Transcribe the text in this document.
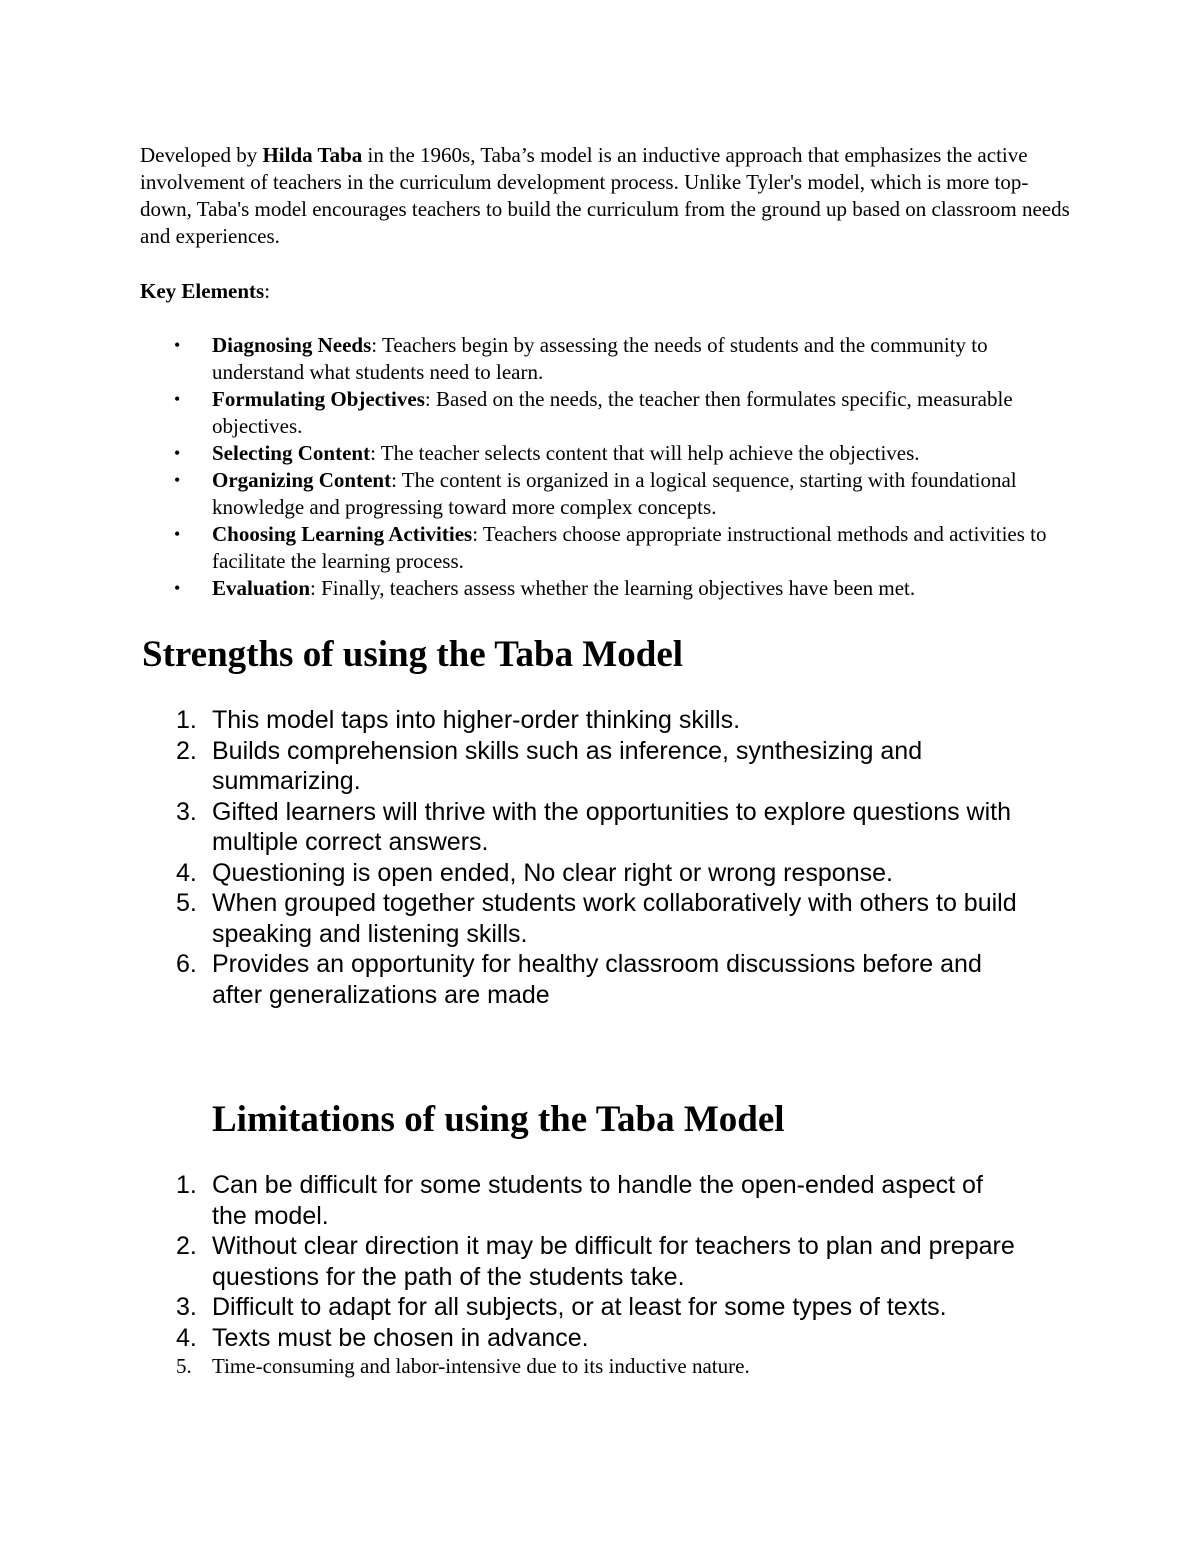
Developed by Hilda Taba in the 1960s, Taba’s model is an inductive approach that emphasizes the active involvement of teachers in the curriculum development process. Unlike Tyler's model, which is more top-down, Taba's model encourages teachers to build the curriculum from the ground up based on classroom needs and experiences.

Key Elements:

• Diagnosing Needs: Teachers begin by assessing the needs of students and the community to understand what students need to learn.
• Formulating Objectives: Based on the needs, the teacher then formulates specific, measurable objectives.
• Selecting Content: The teacher selects content that will help achieve the objectives.
• Organizing Content: The content is organized in a logical sequence, starting with foundational knowledge and progressing toward more complex concepts.
• Choosing Learning Activities: Teachers choose appropriate instructional methods and activities to facilitate the learning process.
• Evaluation: Finally, teachers assess whether the learning objectives have been met.
Strengths of using the Taba Model
1. This model taps into higher-order thinking skills.
2. Builds comprehension skills such as inference, synthesizing and summarizing.
3. Gifted learners will thrive with the opportunities to explore questions with multiple correct answers.
4. Questioning is open ended, No clear right or wrong response.
5. When grouped together students work collaboratively with others to build speaking and listening skills.
6. Provides an opportunity for healthy classroom discussions before and after generalizations are made
Limitations of using the Taba Model
1. Can be difficult for some students to handle the open-ended aspect of the model.
2. Without clear direction it may be difficult for teachers to plan and prepare questions for the path of the students take.
3. Difficult to adapt for all subjects, or at least for some types of texts.
4. Texts must be chosen in advance.
5. Time-consuming and labor-intensive due to its inductive nature.
